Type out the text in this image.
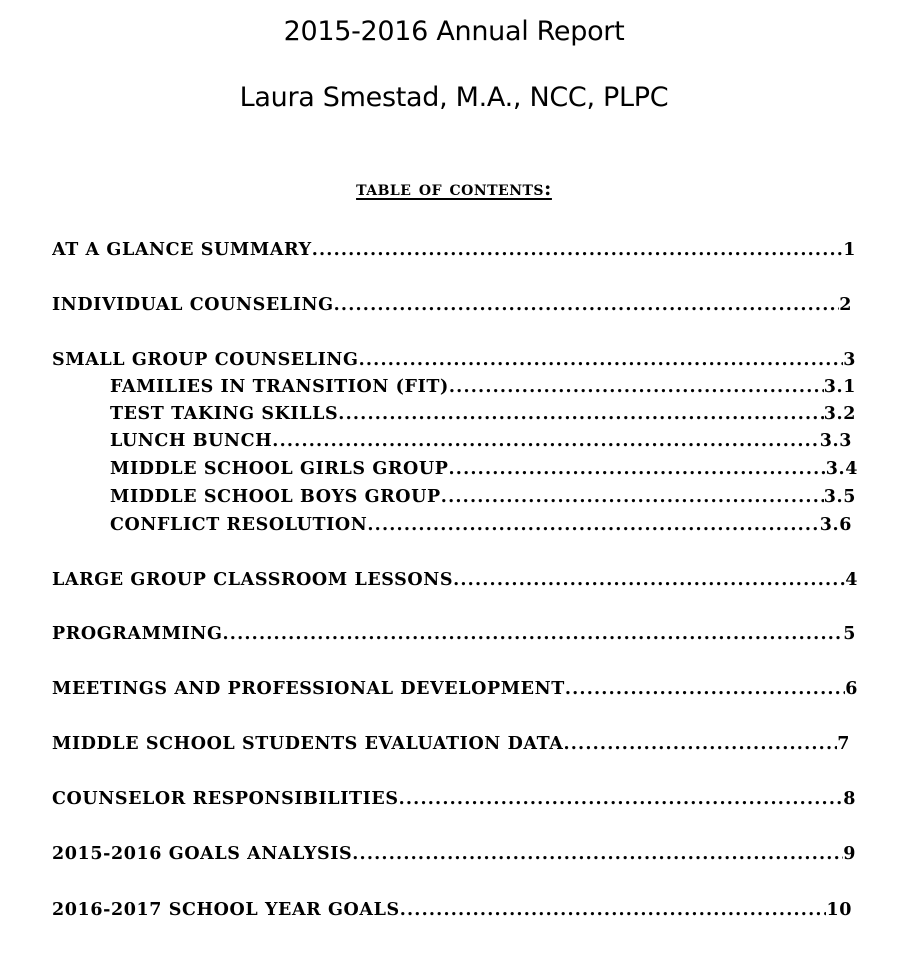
2015-2016 Annual Report
Laura Smestad, M.A., NCC, PLPC
table of contents:
AT A GLANCE SUMMARY .....	1
INDIVIDUAL COUNSELING .....	2
SMALL GROUP COUNSELING .....	3
FAMILIES IN TRANSITION (FIT) .....	3.1
TEST TAKING SKILLS .....	3.2
LUNCH BUNCH .....	3.3
MIDDLE SCHOOL GIRLS GROUP .....	3.4
MIDDLE SCHOOL BOYS GROUP .....	3.5
CONFLICT RESOLUTION .....	3.6
LARGE GROUP CLASSROOM LESSONS .....	4
PROGRAMMING .....	5
MEETINGS AND PROFESSIONAL DEVELOPMENT .....	6
MIDDLE SCHOOL STUDENTS EVALUATION DATA .....	7
COUNSELOR RESPONSIBILITIES .....	8
2015-2016 GOALS ANALYSIS .....	9
2016-2017 SCHOOL YEAR GOALS .....	10
